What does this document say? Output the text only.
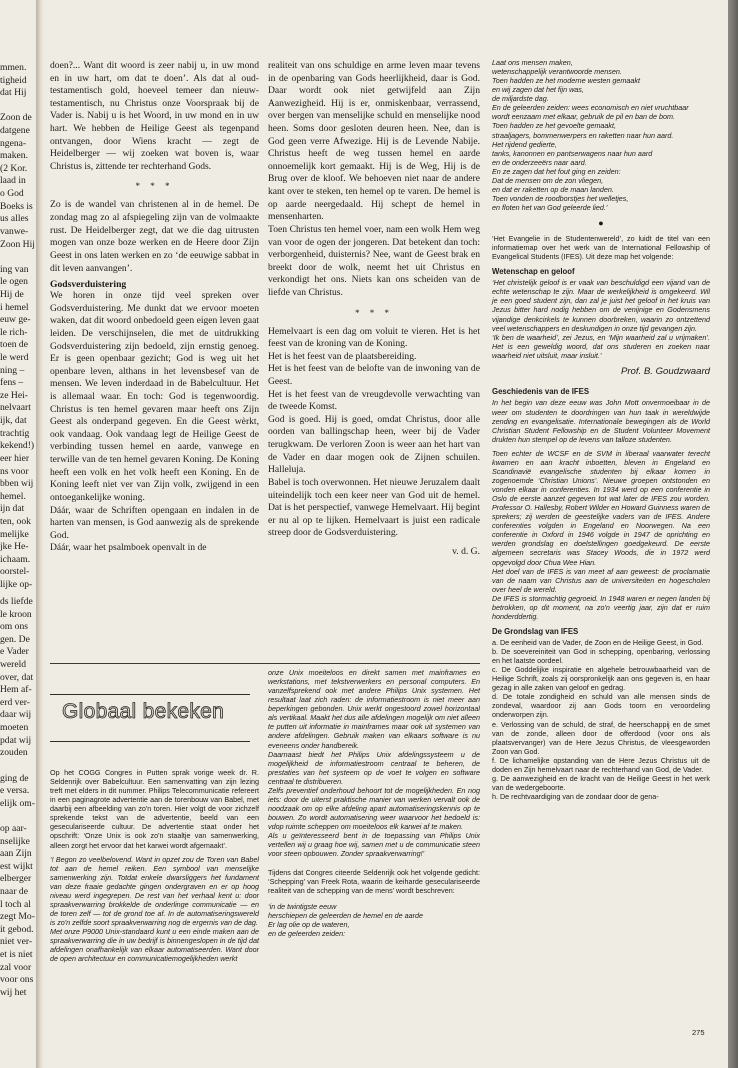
mmen.

tigheid

dat Hij

Zoon de

datgene

ngena-

maken.

(2 Kor.

laad in

o God

Boeks is

us alles

vanwe-

Zoon Hij

ing van

le ogen

Hij de

i hemel

euw ge-

le rich-

toen de

le werd

ning –

fens –

ze Hei-

nelvaart

ijk, dat

trachtig

kekend!)

eer hier

ns voor

bben wij

hemel.

ijn dat

ten, ook

melijke

jke He-

ichaam.

oorstel-

lijke op-

ds liefde

le kroon

om ons

gen. De

e Vader

wereld

over, dat

Hem af-

erd ver-

daar wij

moeten

pdat wij

zouden

ging de

e versa.

elijk om-

op aar-

nselijke

aan Zijn

est wijkt

elberger

naar de

l toch al

zegt Mo-

it gebod.

niet ver-

et is niet

zal voor

voor ons

wij het

doen?... Want dit woord is zeer nabij u, in uw mond en in uw hart, om dat te doen’. Als dat al oud-testamentisch gold, hoeveel temeer dan nieuw-testamentisch, nu Christus onze Voorspraak bij de Vader is. Nabij u is het Woord, in uw mond en in uw hart. We hebben de Heilige Geest als tegenpand ontvangen, door Wiens kracht — zegt de Heidelberger — wij zoeken wat boven is, waar Christus is, zittende ter rechterhand Gods.

* * *

Zo is de wandel van christenen al in de hemel. De zondag mag zo al afspiegeling zijn van de volmaakte rust. De Heidelberger zegt, dat we die dag uitrusten mogen van onze boze werken en de Heere door Zijn Geest in ons laten werken en zo ‘de eeuwige sabbat in dit leven aanvangen’.

Godsverduistering

We horen in onze tijd veel spreken over Godsverduistering. Me dunkt dat we ervoor moeten waken, dat dit woord onbedoeld geen eigen leven gaat leiden. De verschijnselen, die met de uitdrukking Godsverduistering zijn bedoeld, zijn ernstig genoeg. Er is geen openbaar gezicht; God is weg uit het openbare leven, althans in het levensbesef van de mensen. We leven inderdaad in de Babelcultuur. Het is allemaal waar. En toch: God is tegenwoordig. Christus is ten hemel gevaren maar heeft ons Zijn Geest als onderpand gegeven. En die Geest wèrkt, ook vandaag. Ook vandaag legt de Heilige Geest de verbinding tussen hemel en aarde, vanwege en terwille van de ten hemel gevaren Koning. De Koning heeft een volk en het volk heeft een Koning. En de Koning leeft niet ver van Zijn volk, zwijgend in een ontoegankelijke woning.

Dáár, waar de Schriften opengaan en indalen in de harten van mensen, is God aanwezig als de sprekende God.

Dáár, waar het psalmboek openvalt in de

realiteit van ons schuldige en arme leven maar tevens in de openbaring van Gods heerlijkheid, daar is God. Daar wordt ook niet getwijfeld aan Zijn Aanwezigheid. Hij is er, onmiskenbaar, verrassend, over bergen van menselijke schuld en menselijke nood heen. Soms door gesloten deuren heen. Nee, dan is God geen verre Afwezige. Hij is de Levende Nabije. Christus heeft de weg tussen hemel en aarde onnoemelijk kort gemaakt. Hij is de Weg, Hij is de Brug over de kloof. We behoeven niet naar de andere kant over te steken, ten hemel op te varen. De hemel is op aarde neergedaald. Hij schept de hemel in mensenharten.

Toen Christus ten hemel voer, nam een wolk Hem weg van voor de ogen der jongeren. Dat betekent dan toch: verborgenheid, duisternis? Nee, want de Geest brak en breekt door de wolk, neemt het uit Christus en verkondigt het ons. Niets kan ons scheiden van de liefde van Christus.

* * *

Hemelvaart is een dag om voluit te vieren. Het is het feest van de kroning van de Koning.

Het is het feest van de plaatsbereiding.

Het is het feest van de belofte van de inwoning van de Geest.

Het is het feest van de vreugdevolle verwachting van de tweede Komst.

God is goed. Hij is goed, omdat Christus, door alle oorden van ballingschap heen, weer bij de Vader terugkwam. De verloren Zoon is weer aan het hart van de Vader en daar mogen ook de Zijnen schuilen. Halleluja.

Babel is toch overwonnen. Het nieuwe Jeruzalem daalt uiteindelijk toch een keer neer van God uit de hemel. Dat is het perspectief, vanwege Hemelvaart. Hij begint er nu al op te lijken. Hemelvaart is juist een radicale streep door de Godsverduistering.

v. d. G.

Globaal bekeken

Op het COGG Congres in Putten sprak vorige week dr. R. Seldenrijk over Babelcultuur. Een samenvatting van zijn lezing treft met elders in dit nummer. Philips Telecommunicatie refereert in een paginagrote advertentie aan de torenbouw van Babel, met daarbij een afbeelding van zo'n toren. Hier volgt de voor zichzelf sprekende tekst van de advertentie, beeld van een geseculariseerde cultuur. De advertentie staat onder het opschrift: ‘Onze Unix is ook zo'n staaltje van samenwerking, alleen zorgt het ervoor dat het karwei wordt afgemaakt’.

‘! Begon zo veelbelovend. Want in opzet zou de Toren van Babel tot aan de hemel reiken. Een symbool van menselijke samenwerking zijn. Totdat enkele dwarsliggers het fundament van deze fraaie gedachte gingen ondergraven en er op hoog niveau werd ingegrepen. De rest van het verhaal kent u: door spraakverwarring brokkelde de onderlinge communicatie — en de toren zelf — tot de grond toe af. In de automatiseringswereld is zo'n zelfde soort spraakverwarring nog de ergernis van de dag.

Met onze P9000 Unix-standaard kunt u een einde maken aan de spraakverwarring die in uw bedrijf is binnengeslopen in de tijd dat afdelingen onafhankelijk van elkaar automatiseerden. Want door de open architectuur en communicatiemogelijkheden werkt

onze Unix moeiteloos en direkt samen met mainframes en werkstations, met tekstverwerkers en personal computers. En vanzelfsprekend ook met andere Philips Unix systemen. Het resultaat laat zich raden: de informatiestroom is niet meer aan beperkingen gebonden. Unix werkt ongestoord zowel horizontaal als vertikaal. Maakt het dus alle afdelingen mogelijk om niet alleen te putten uit informatie in mainframes maar ook uit systemen van andere afdelingen. Gebruik maken van elkaars software is nu eveneens onder handbereik.

Daarnaast biedt het Philips Unix afdelingssysteem u de mogelijkheid de informatiestroom centraal te beheren, de prestaties van het systeem op de voet te volgen en software centraal te distribueren.

Zelfs preventief onderhoud behoort tot de mogelijkheden. En nog iets: door de uiterst praktische manier van werken vervalt ook de noodzaak om op elke afdeling apart automatiseringskennis op te bouwen. Zo wordt automatisering weer waarvoor het bedoeld is: vdop ruimte scheppen om moeiteloos elk karwei af te maken.

Als u geïnteresseerd bent in de toepassing van Philips Unix vertellen wij u graag hoe wij, samen met u de communicatie steen voor steen opbouwen. Zonder spraakverwarring!’

Tijdens dat Congres citeerde Seldenrijk ook het volgende gedicht: ‘Schepping’ van Freek Rota, waarin de keiharde geseculariseerde realiteit van de schepping van de mens’ wordt beschreven:

‘in de twintigste eeuw

herschiepen de geleerden de hemel en de aarde

Er lag olie op de wateren,

en de geleerden zeiden:

Laat ons mensen maken,

wetenschappelijk verantwoorde mensen.

Toen hadden ze het moderne westen gemaakt

en wij zagen dat het fijn was,

de miljardste dag.

En de geleerden zeiden: wees economisch en niet vruchtbaar

wordt eenzaam met elkaar, gebruik de pil en ban de bom.

Toen hadden ze het gevoelte gemaakt,

straaljagers, bommenwerpers en raketten naar hun aard.

Het rijdend gedierte,

tanks, kanonnen en pantserwagens naar hun aard

en de onderzeeërs naar aard.

En ze zagen dat het fout ging en zeiden:

Dat de mensen om de zon vliegen,

en dat er raketten op de maan landen.

Toen vonden de roodborstjes het welletjes,

en floten het van God geleerde lied.’

●

‘Het Evangelie in de Studentenwereld’, zo luidt de titel van een informatiemap over het werk van de International Fellowship of Evangelical Students (IFES). Uit deze map het volgende:

Wetenschap en geloof

‘Het christelijk geloof is er vaak van beschuldigd een vijand van de echte wetenschap te zijn. Maar de werkelijkheid is omgekeerd. Wil je een goed student zijn, dan zal je juist het geloof in het kruis van Jezus bitter hard nodig hebben om de venijnige en Godensmens vijandige denkcirkels te kunnen doorbreken, waarin zo ontzettend veel wetenschappers en deskundigen in onze tijd gevangen zijn.

‘Ik ben de waarheid’, zei Jezus, en ‘Mijn waarheid zal u vrijmaken’. Het is een geweldig woord, dat ons studeren en zoeken naar waarheid niet uitsluit, maar insluit.’

Prof. B. Goudzwaard

Geschiedenis van de IFES

In het begin van deze eeuw was John Mott onvermoeibaar in de weer om studenten te doordringen van hun taak in wereldwijde zending en evangelisatie. Internationale bewegingen als de World Christian Student Fellowship en de Student Volunteer Movement drukten hun stempel op de levens van talloze studenten.

Toen echter de WCSF en de SVM in liberaal vaarwater terecht kwamen en aan kracht inboetten, bleven in Engeland en Scandinavië evangelische studenten bij elkaar komen in zogenoemde ‘Christian Unions’. Nieuwe groepen ontstonden en vonden elkaar in conferenties. In 1934 werd op een conferentie in Oslo de eerste aanzet gegeven tot wat later de IFES zou worden. Professor O. Hallesby, Robert Wilder en Howard Guinness waren de sprekers; zij werden de geestelijke vaders van de IFES. Andere conferenties volgden in Engeland en Noorwegen. Na een conferentie in Oxford in 1946 volgde in 1947 de oprichting en werden grondslag en doelstellingen goedgekeurd. De eerste algemeen secretaris was Stacey Woods, die in 1972 werd opgevolgd door Chua Wee Hian.

Het doel van de IFES is van meet af aan geweest: de proclamatie van de naam van Christus aan de universiteiten en hogescholen over heel de wereld.

De IFES is stormachtig gegroeid. In 1948 waren er negen landen bij betrokken, op dit moment, na zo'n veertig jaar, zijn dat er ruim honderddertig.

De Grondslag van IFES

a. De eenheid van de Vader, de Zoon en de Heilige Geest, in God.

b. De soevereiniteit van God in schepping, openbaring, verlossing en het laatste oordeel.

c. De Goddelijke inspiratie en algehele betrouwbaarheid van de Heilige Schrift, zoals zij oorspronkelijk aan ons gegeven is, en haar gezag in alle zaken van geloof en gedrag.

d. De totale zondigheid en schuld van alle mensen sinds de zondeval, waardoor zij aan Gods toorn en veroordeling onderworpen zijn.

e. Verlossing van de schuld, de straf, de heerschappij en de smet van de zonde, alleen door de offerdood (voor ons als plaatsvervanger) van de Here Jezus Christus, de vleesgeworden Zoon van God.

f. De lichamelijke opstanding van de Here Jezus Christus uit de doden en Zijn hemelvaart naar de rechterhand van God, de Vader.

g. De aanwezigheid en de kracht van de Heilige Geest in het werk van de wedergeboorte.

h. De rechtvaardiging van de zondaar door de gena-

275
